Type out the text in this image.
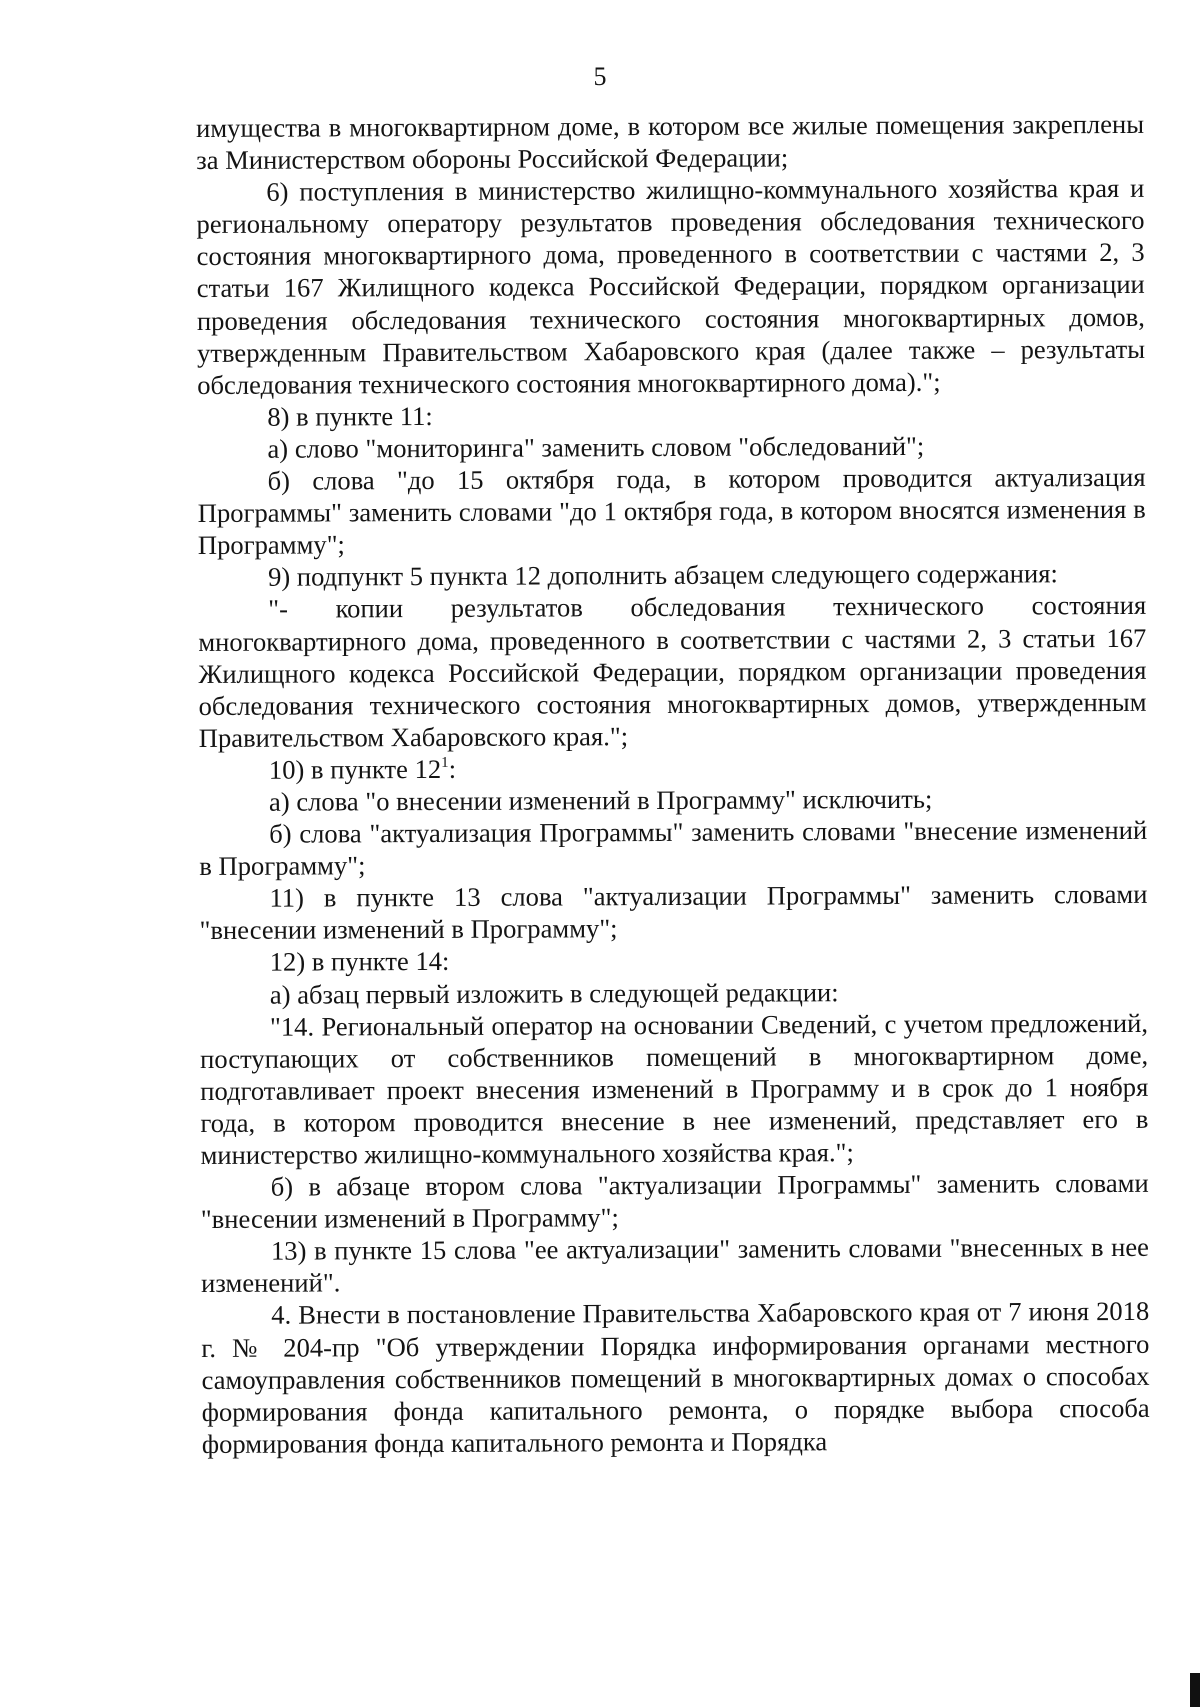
5

имущества в многоквартирном доме, в котором все жилые помещения закреплены за Министерством обороны Российской Федерации;

6) поступления в министерство жилищно-коммунального хозяйства края и региональному оператору результатов проведения обследования технического состояния многоквартирного дома, проведенного в соответствии с частями 2, 3 статьи 167 Жилищного кодекса Российской Федерации, порядком организации проведения обследования технического состояния многоквартирных домов, утвержденным Правительством Хабаровского края (далее также – результаты обследования технического состояния многоквартирного дома).";

8) в пункте 11:

а) слово "мониторинга" заменить словом "обследований";

б) слова "до 15 октября года, в котором проводится актуализация Программы" заменить словами "до 1 октября года, в котором вносятся изменения в Программу";

9) подпункт 5 пункта 12 дополнить абзацем следующего содержания:

"- копии результатов обследования технического состояния многоквартирного дома, проведенного в соответствии с частями 2, 3 статьи 167 Жилищного кодекса Российской Федерации, порядком организации проведения обследования технического состояния многоквартирных домов, утвержденным Правительством Хабаровского края.";

10) в пункте $12^1$:

а) слова "о внесении изменений в Программу" исключить;

б) слова "актуализация Программы" заменить словами "внесение изменений в Программу";

11) в пункте 13 слова "актуализации Программы" заменить словами "внесении изменений в Программу";

12) в пункте 14:

а) абзац первый изложить в следующей редакции:

"14. Региональный оператор на основании Сведений, с учетом предложений, поступающих от собственников помещений в многоквартирном доме, подготавливает проект внесения изменений в Программу и в срок до 1 ноября года, в котором проводится внесение в нее изменений, представляет его в министерство жилищно-коммунального хозяйства края.";

б) в абзаце втором слова "актуализации Программы" заменить словами "внесении изменений в Программу";

13) в пункте 15 слова "ее актуализации" заменить словами "внесенных в нее изменений".

4. Внести в постановление Правительства Хабаровского края от 7 июня 2018 г. № 204-пр "Об утверждении Порядка информирования органами местного самоуправления собственников помещений в многоквартирных домах о способах формирования фонда капитального ремонта, о порядке выбора способа формирования фонда капитального ремонта и Порядка
